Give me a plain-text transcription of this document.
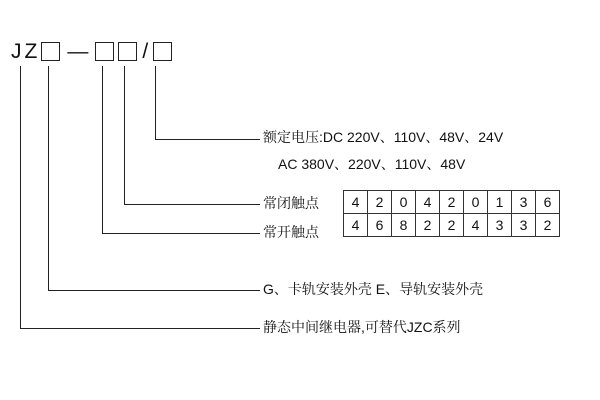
J Z —	/
额定电压:DC 220V、110V、48V、24V
AC 380V、220V、110V、48V
常闭触点
常开触点
G、卡轨安装外壳 E、导轨安装外壳
静态中间继电器,可替代JZC系列
4	2	0	4	2	0	1	3	6
4	6	8	2	2	4	3	3	2
